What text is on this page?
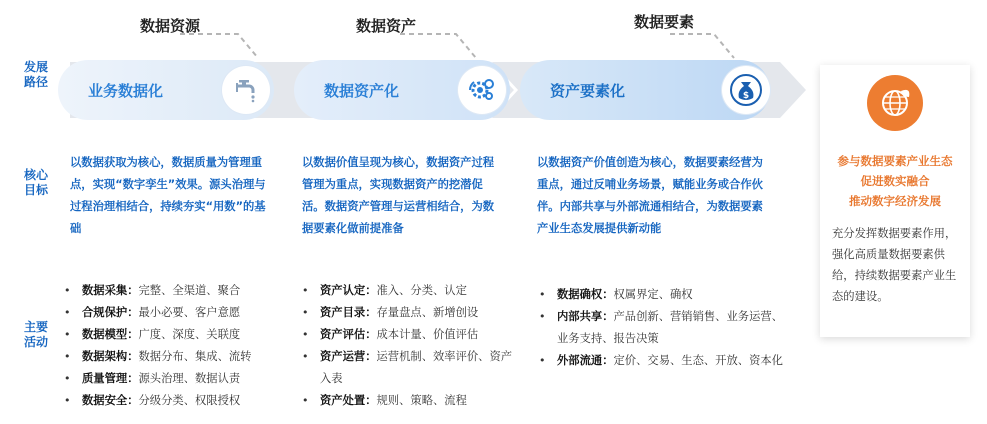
发展
路径
核心
目标
主要
活动
数据资源	数据资产	数据要素
业务数据化	数据资产化	资产要素化	$
以数据获取为核心，数据质量为管理重点，实现“数字孪生”效果。源头治理与过程治理相结合，持续夯实“用数”的基础
以数据价值呈现为核心，数据资产过程管理为重点，实现数据资产的挖潜促活。数据资产管理与运营相结合，为数据要素化做前提准备
以数据资产价值创造为核心，数据要素经营为重点，通过反哺业务场景，赋能业务或合作伙伴。内部共享与外部流通相结合，为数据要素产业生态发展提供新动能
• 数据采集：完整、全渠道、聚合
• 合规保护：最小必要、客户意愿
• 数据模型：广度、深度、关联度
• 数据架构：数据分布、集成、流转
• 质量管理：源头治理、数据认责
• 数据安全：分级分类、权限授权
• 资产认定：准入、分类、认定
• 资产目录：存量盘点、新增创设
• 资产评估：成本计量、价值评估
• 资产运营：运营机制、效率评价、资产入表
• 资产处置：规则、策略、流程
• 数据确权：权属界定、确权
• 内部共享：产品创新、营销销售、业务运营、业务支持、报告决策
• 外部流通：定价、交易、生态、开放、资本化
参与数据要素产业生态
促进数实融合
推动数字经济发展
充分发挥数据要素作用，强化高质量数据要素供给，持续数据要素产业生态的建设。
